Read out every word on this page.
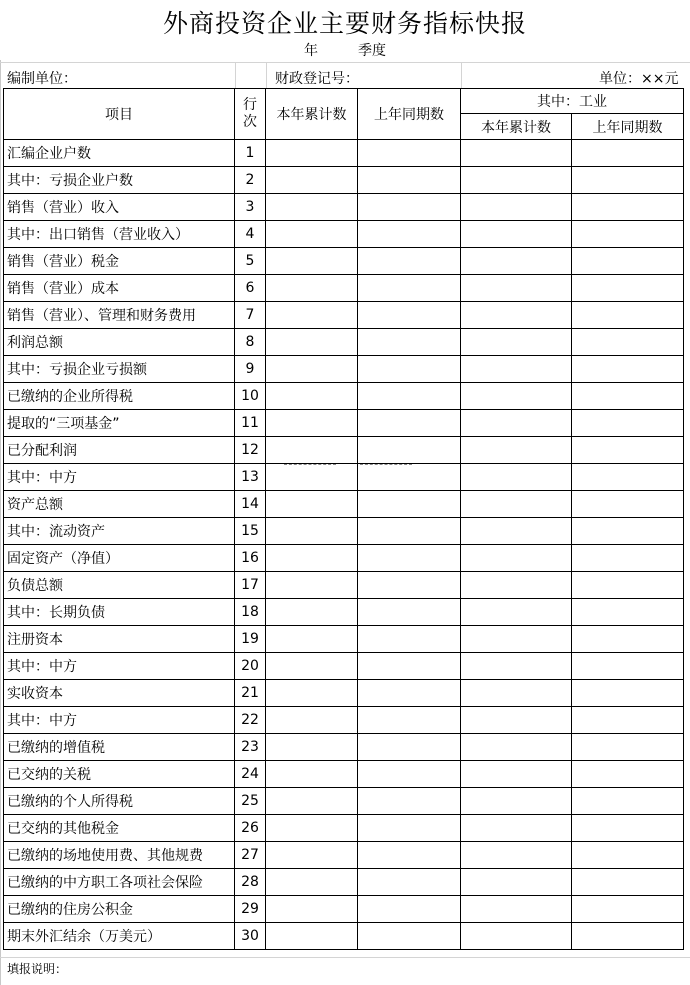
外商投资企业主要财务指标快报
年	季度
编制单位：	财政登记号：	单位：××元
项目	行次	本年累计数	上年同期数	其中：工业	
				本年累计数	上年同期数
汇编企业户数	1				
其中：亏损企业户数	2				
销售（营业）收入	3				
其中：出口销售（营业收入）	4				
销售（营业）税金	5				
销售（营业）成本	6				
销售（营业）、管理和财务费用	7				
利润总额	8				
其中：亏损企业亏损额	9				
已缴纳的企业所得税	10				
提取的“三项基金”	11				
已分配利润	12				
其中：中方	13				
资产总额	14				
其中：流动资产	15				
固定资产（净值）	16				
负债总额	17				
其中：长期负债	18				
注册资本	19				
其中：中方	20				
实收资本	21				
其中：中方	22				
已缴纳的增值税	23				
已交纳的关税	24				
已缴纳的个人所得税	25				
已交纳的其他税金	26				
已缴纳的场地使用费、其他规费	27				
已缴纳的中方职工各项社会保险	28				
已缴纳的住房公积金	29				
期末外汇结余（万美元）	30				
填报说明：
